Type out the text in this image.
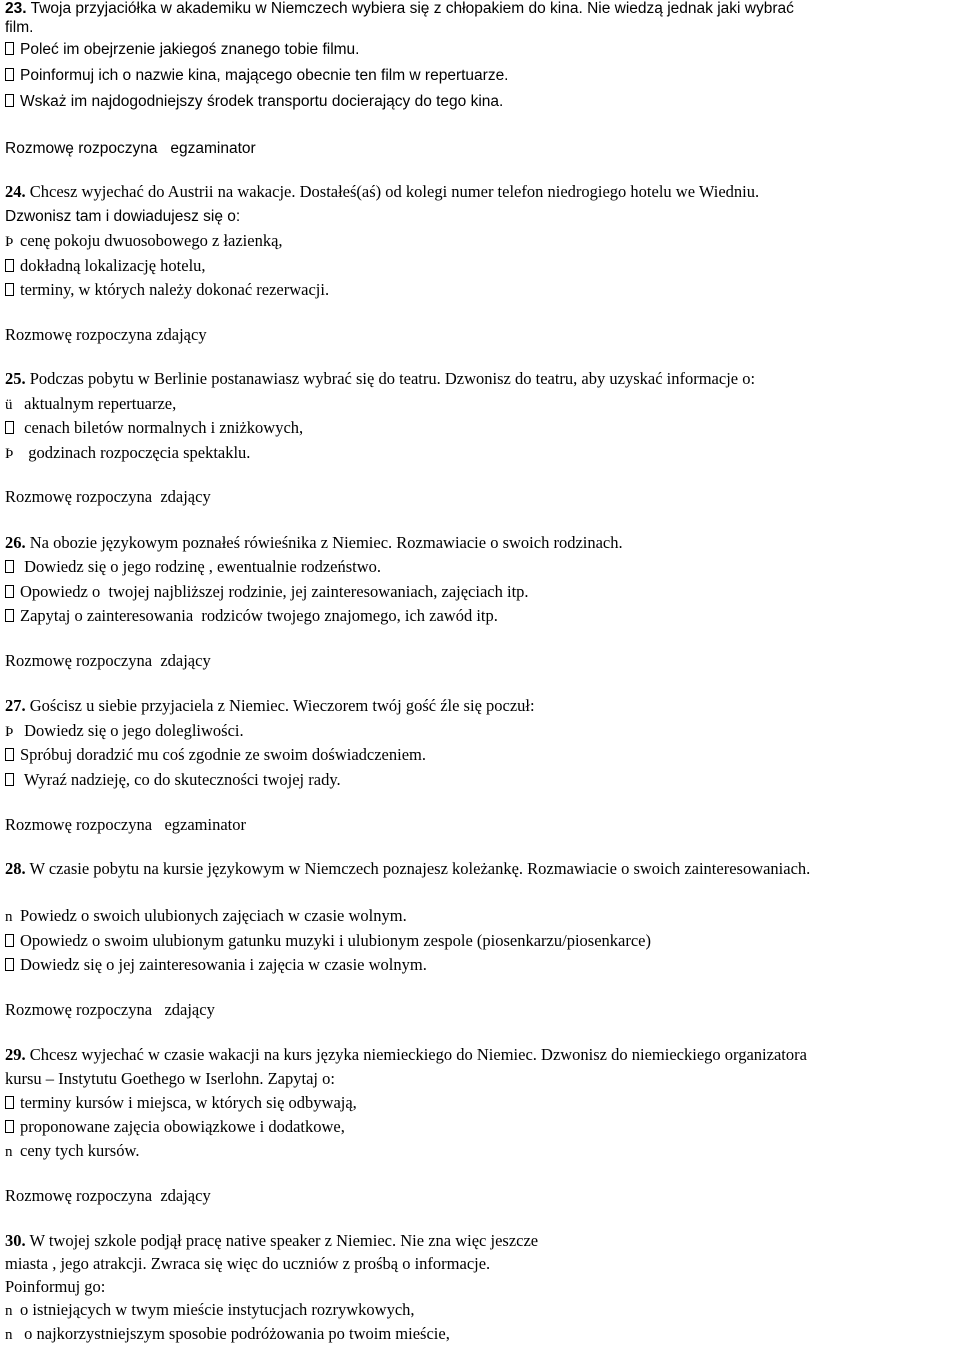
23. Twoja przyjaciółka w akademiku w Niemczech wybiera się z chłopakiem do kina. Nie wiedzą jednak jaki wybrać
film.
Poleć im obejrzenie jakiegoś znanego tobie filmu.
Poinformuj ich o nazwie kina, mającego obecnie ten film w repertuarze.
Wskaż im najdogodniejszy środek transportu docierający do tego kina.
Rozmowę rozpoczyna   egzaminator
24. Chcesz wyjechać do Austrii na wakacje. Dostałeś(aś) od kolegi numer telefon niedrogiego hotelu we Wiedniu.
Dzwonisz tam i dowiadujesz się o:
Þ cenę pokoju dwuosobowego z łazienką,
dokładną lokalizację hotelu,
terminy, w których należy dokonać rezerwacji.
Rozmowę rozpoczyna zdający
25. Podczas pobytu w Berlinie postanawiasz wybrać się do teatru. Dzwonisz do teatru, aby uzyskać informacje o:
ü aktualnym repertuarze,
cenach biletów normalnych i zniżkowych,
Þ  godzinach rozpoczęcia spektaklu.
Rozmowę rozpoczyna  zdający
26. Na obozie językowym poznałeś rówieśnika z Niemiec. Rozmawiacie o swoich rodzinach.
Dowiedz się o jego rodzinę , ewentualnie rodzeństwo.
Opowiedz o  twojej najbliższej rodzinie, jej zainteresowaniach, zajęciach itp.
Zapytaj o zainteresowania  rodziców twojego znajomego, ich zawód itp.
Rozmowę rozpoczyna  zdający
27. Gościsz u siebie przyjaciela z Niemiec. Wieczorem twój gość źle się poczuł:
Þ Dowiedz się o jego dolegliwości.
Spróbuj doradzić mu coś zgodnie ze swoim doświadczeniem.
Wyraź nadzieję, co do skuteczności twojej rady.
Rozmowę rozpoczyna   egzaminator
28. W czasie pobytu na kursie językowym w Niemczech poznajesz koleżankę. Rozmawiacie o swoich zainteresowaniach.
n Powiedz o swoich ulubionych zajęciach w czasie wolnym.
Opowiedz o swoim ulubionym gatunku muzyki i ulubionym zespole (piosenkarzu/piosenkarce)
Dowiedz się o jej zainteresowania i zajęcia w czasie wolnym.
Rozmowę rozpoczyna   zdający
29. Chcesz wyjechać w czasie wakacji na kurs języka niemieckiego do Niemiec. Dzwonisz do niemieckiego organizatora
kursu – Instytutu Goethego w Iserlohn. Zapytaj o:
terminy kursów i miejsca, w których się odbywają,
proponowane zajęcia obowiązkowe i dodatkowe,
n ceny tych kursów.
Rozmowę rozpoczyna  zdający
30. W twojej szkole podjął pracę native speaker z Niemiec. Nie zna więc jeszcze
miasta , jego atrakcji. Zwraca się więc do uczniów z prośbą o informacje.
Poinformuj go:
n o istniejących w twym mieście instytucjach rozrywkowych,
n o najkorzystniejszym sposobie podróżowania po twoim mieście,
